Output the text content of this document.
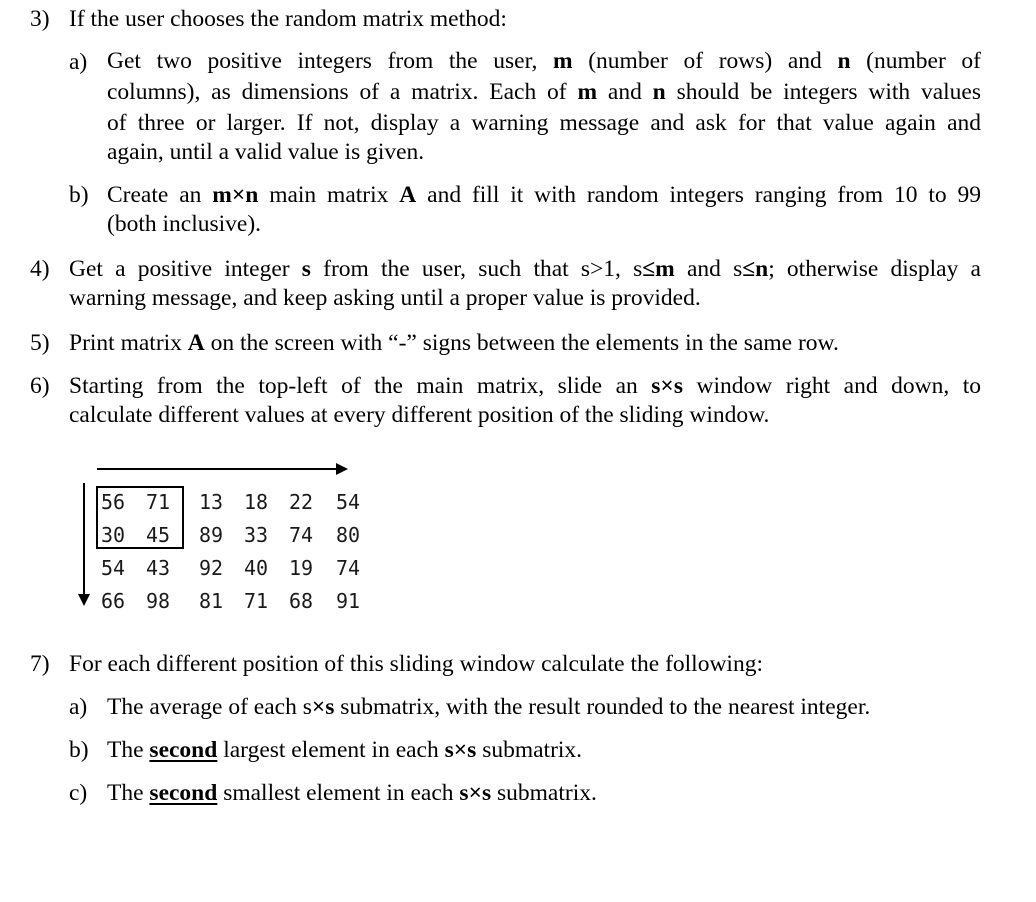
3) If the user chooses the random matrix method:
a) Get two positive integers from the user, m (number of rows) and n (number of
columns), as dimensions of a matrix. Each of m and n should be integers with values
of three or larger. If not, display a warning message and ask for that value again and
again, until a valid value is given.
b) Create an m×n main matrix A and fill it with random integers ranging from 10 to 99
(both inclusive).
4) Get a positive integer s from the user, such that s>1, s≤m and s≤n; otherwise display a
warning message, and keep asking until a proper value is provided.
5) Print matrix A on the screen with “-” signs between the elements in the same row.
6) Starting from the top-left of the main matrix, slide an s×s window right and down, to
calculate different values at every different position of the sliding window.
56 71 13 18 22 54
30 45 89 33 74 80
54 43 92 40 19 74
66 98 81 71 68 91
7) For each different position of this sliding window calculate the following:
a) The average of each s×s submatrix, with the result rounded to the nearest integer.
b) The second largest element in each s×s submatrix.
c) The second smallest element in each s×s submatrix.
